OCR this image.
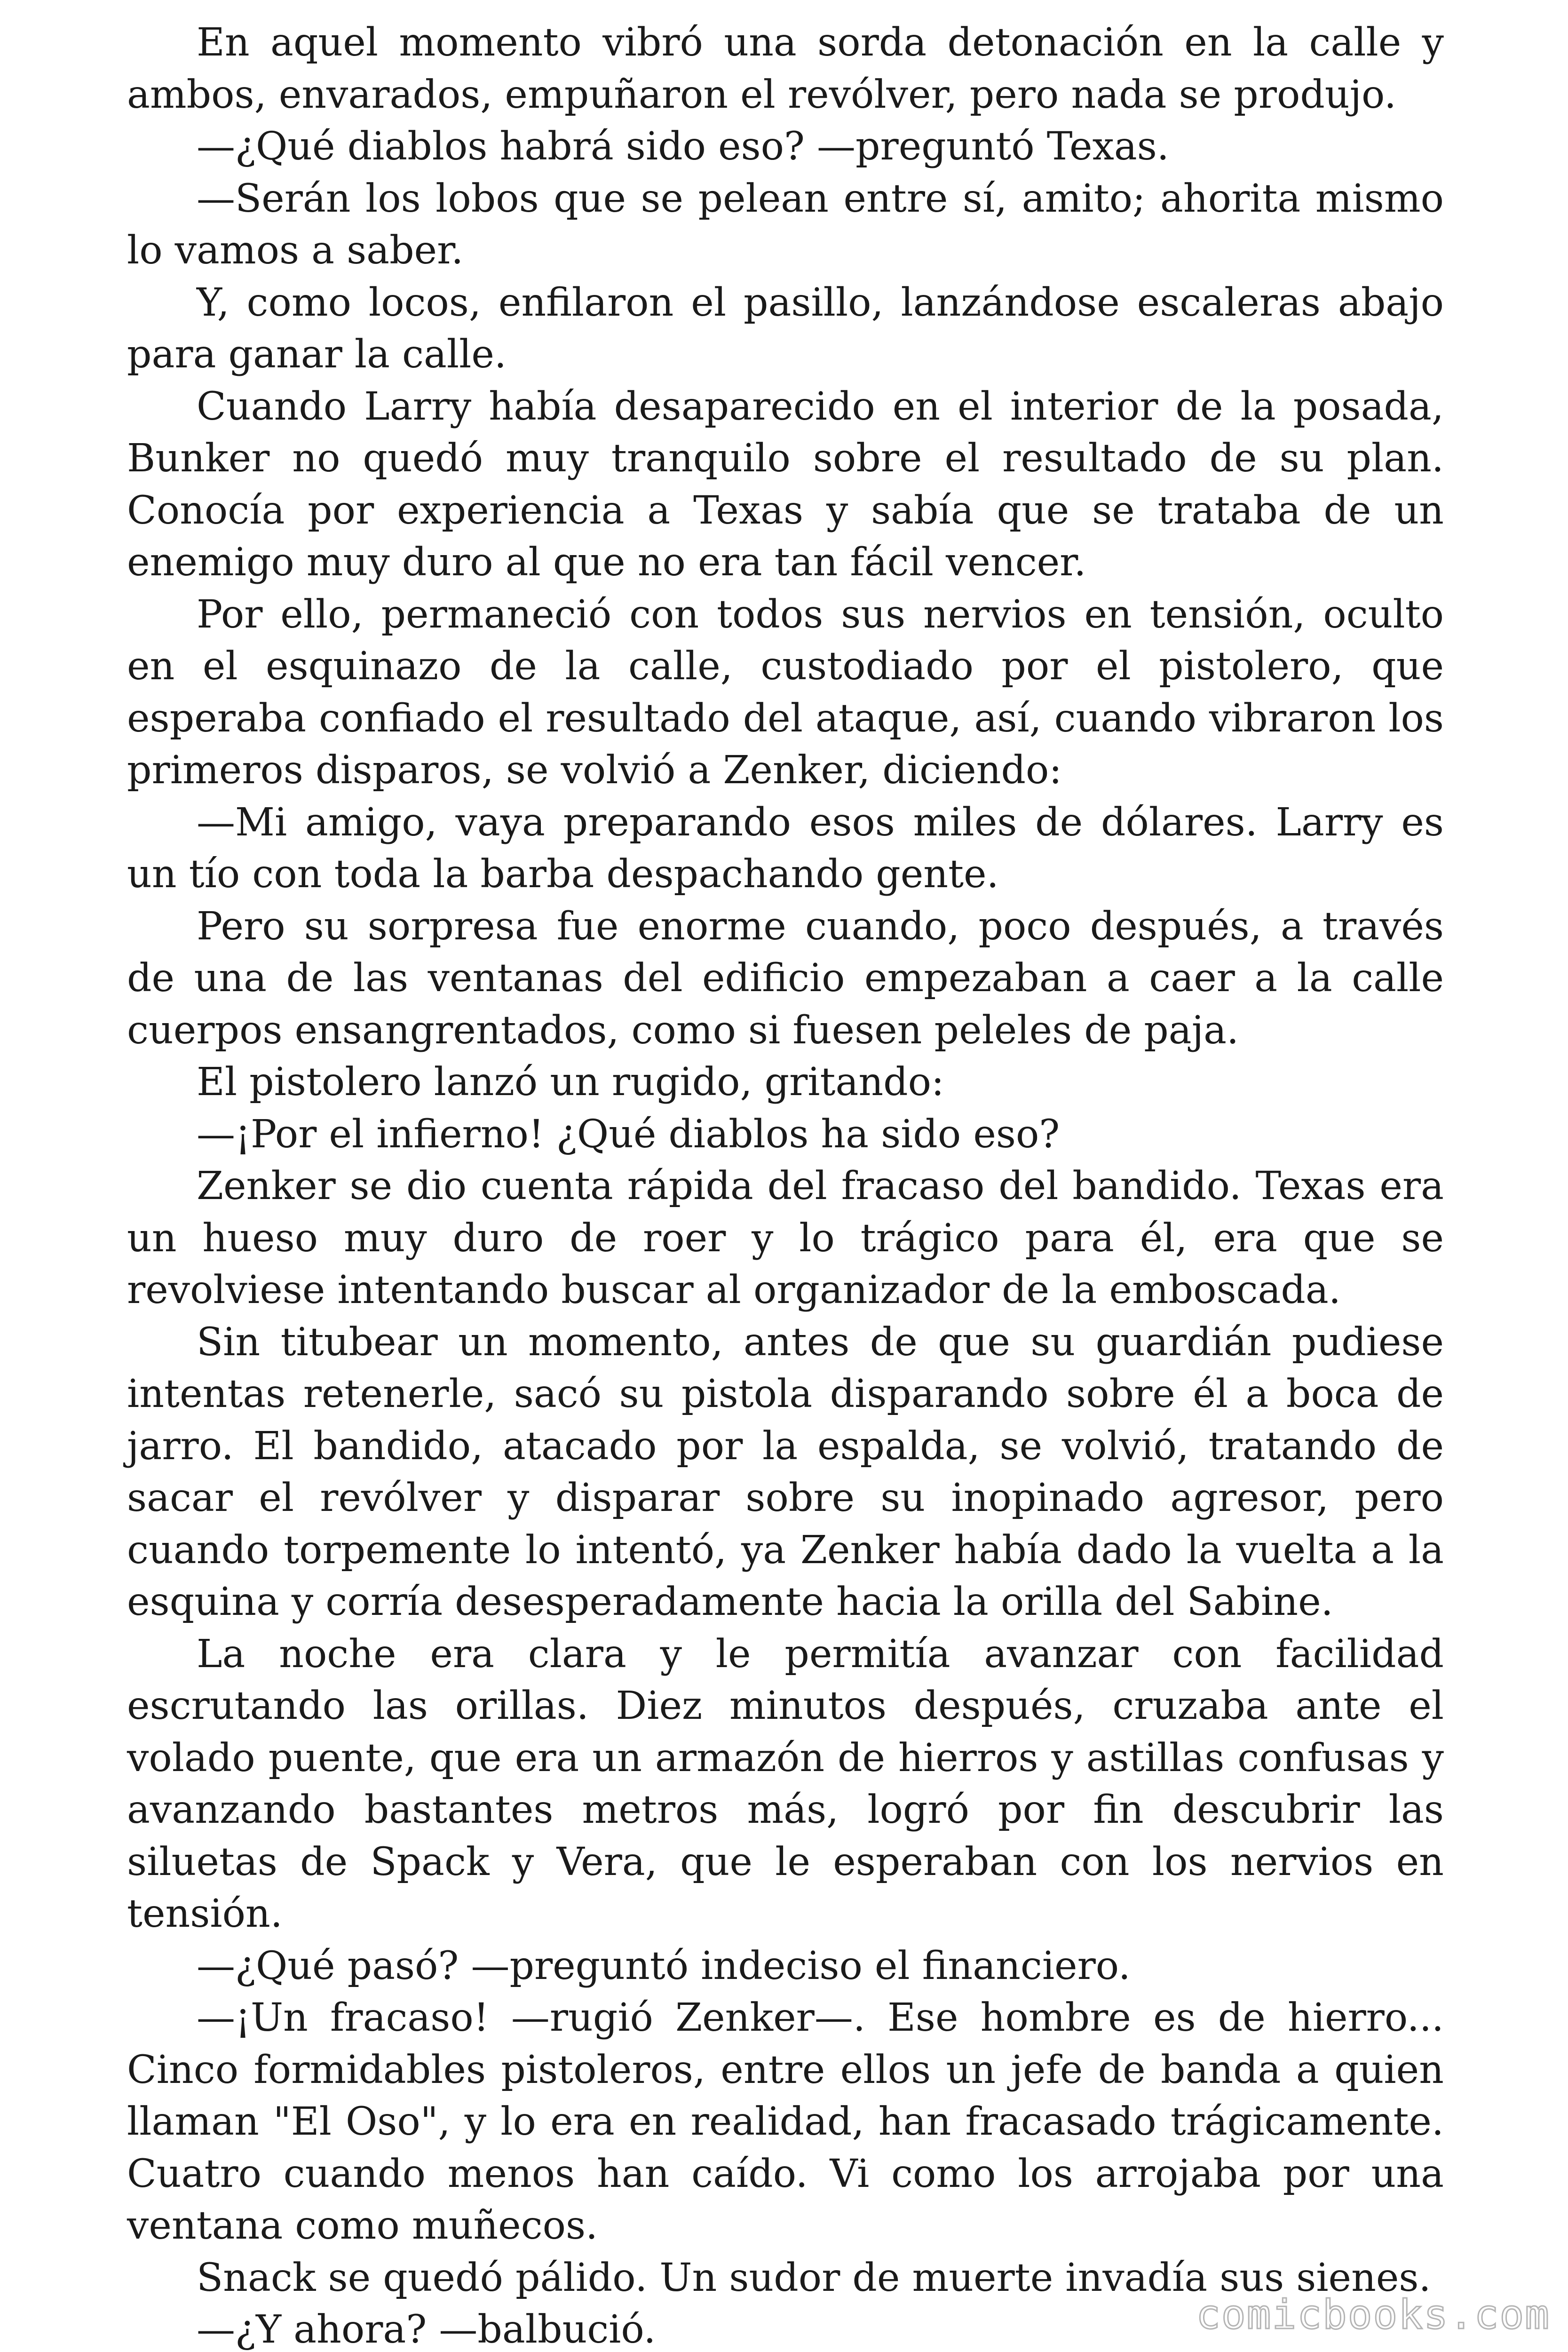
En aquel momento vibró una sorda detonación en la calle y ambos, envarados, empuñaron el revólver, pero nada se produjo.

—¿Qué diablos habrá sido eso? —preguntó Texas.

—Serán los lobos que se pelean entre sí, amito; ahorita mismo lo vamos a saber.

Y, como locos, enfilaron el pasillo, lanzándose escaleras abajo para ganar la calle.

Cuando Larry había desaparecido en el interior de la posada, Bunker no quedó muy tranquilo sobre el resultado de su plan. Conocía por experiencia a Texas y sabía que se trataba de un enemigo muy duro al que no era tan fácil vencer.

Por ello, permaneció con todos sus nervios en tensión, oculto en el esquinazo de la calle, custodiado por el pistolero, que esperaba confiado el resultado del ataque, así, cuando vibraron los primeros disparos, se volvió a Zenker, diciendo:

—Mi amigo, vaya preparando esos miles de dólares. Larry es un tío con toda la barba despachando gente.

Pero su sorpresa fue enorme cuando, poco después, a través de una de las ventanas del edificio empezaban a caer a la calle cuerpos ensangrentados, como si fuesen peleles de paja.

El pistolero lanzó un rugido, gritando:

—¡Por el infierno! ¿Qué diablos ha sido eso?

Zenker se dio cuenta rápida del fracaso del bandido. Texas era un hueso muy duro de roer y lo trágico para él, era que se revolviese intentando buscar al organizador de la emboscada.

Sin titubear un momento, antes de que su guardián pudiese intentas retenerle, sacó su pistola disparando sobre él a boca de jarro. El bandido, atacado por la espalda, se volvió, tratando de sacar el revólver y disparar sobre su inopinado agresor, pero cuando torpemente lo intentó, ya Zenker había dado la vuelta a la esquina y corría desesperadamente hacia la orilla del Sabine.

La noche era clara y le permitía avanzar con facilidad escrutando las orillas. Diez minutos después, cruzaba ante el volado puente, que era un armazón de hierros y astillas confusas y avanzando bastantes metros más, logró por fin descubrir las siluetas de Spack y Vera, que le esperaban con los nervios en tensión.

—¿Qué pasó? —preguntó indeciso el financiero.

—¡Un fracaso! —rugió Zenker—. Ese hombre es de hierro... Cinco formidables pistoleros, entre ellos un jefe de banda a quien llaman "El Oso", y lo era en realidad, han fracasado trágicamente. Cuatro cuando menos han caído. Vi como los arrojaba por una ventana como muñecos.

Snack se quedó pálido. Un sudor de muerte invadía sus sienes.

—¿Y ahora? —balbució.	comicbooks.com
